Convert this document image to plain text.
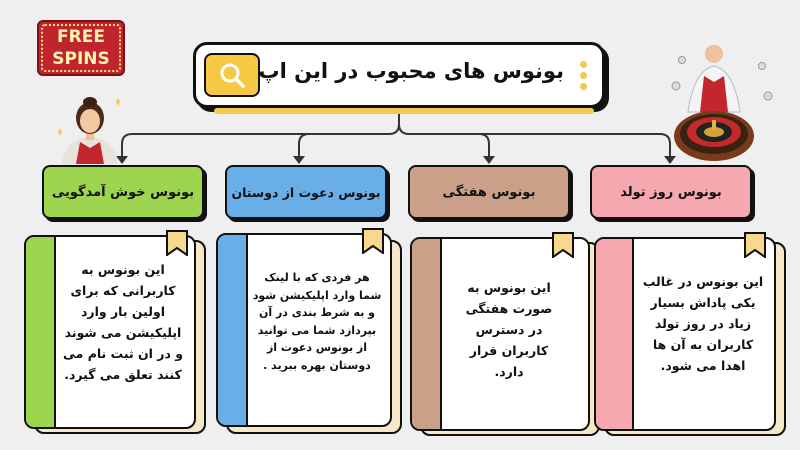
FREE
SPINS	بونوس های محبوب در این اپ
بونوس خوش آمدگویی	بونوس دعوت از دوستان	بونوس هفتگی	بونوس روز تولد
این بونوس به کاربرانی که برای اولین بار وارد اپلیکیشن می شوند و در ان ثبت نام می کنند تعلق می گیرد.
هر فردی که با لینک شما وارد اپلیکیشن شود و به شرط بندی در آن بپردازد شما می توانید از بونوس دعوت از دوستان بهره ببرید .
این بونوس به صورت هفتگی در دسترس کاربران قرار دارد.
این بونوس در غالب یکی پاداش بسیار زیاد در روز تولد کاربران به آن ها اهدا می شود.
